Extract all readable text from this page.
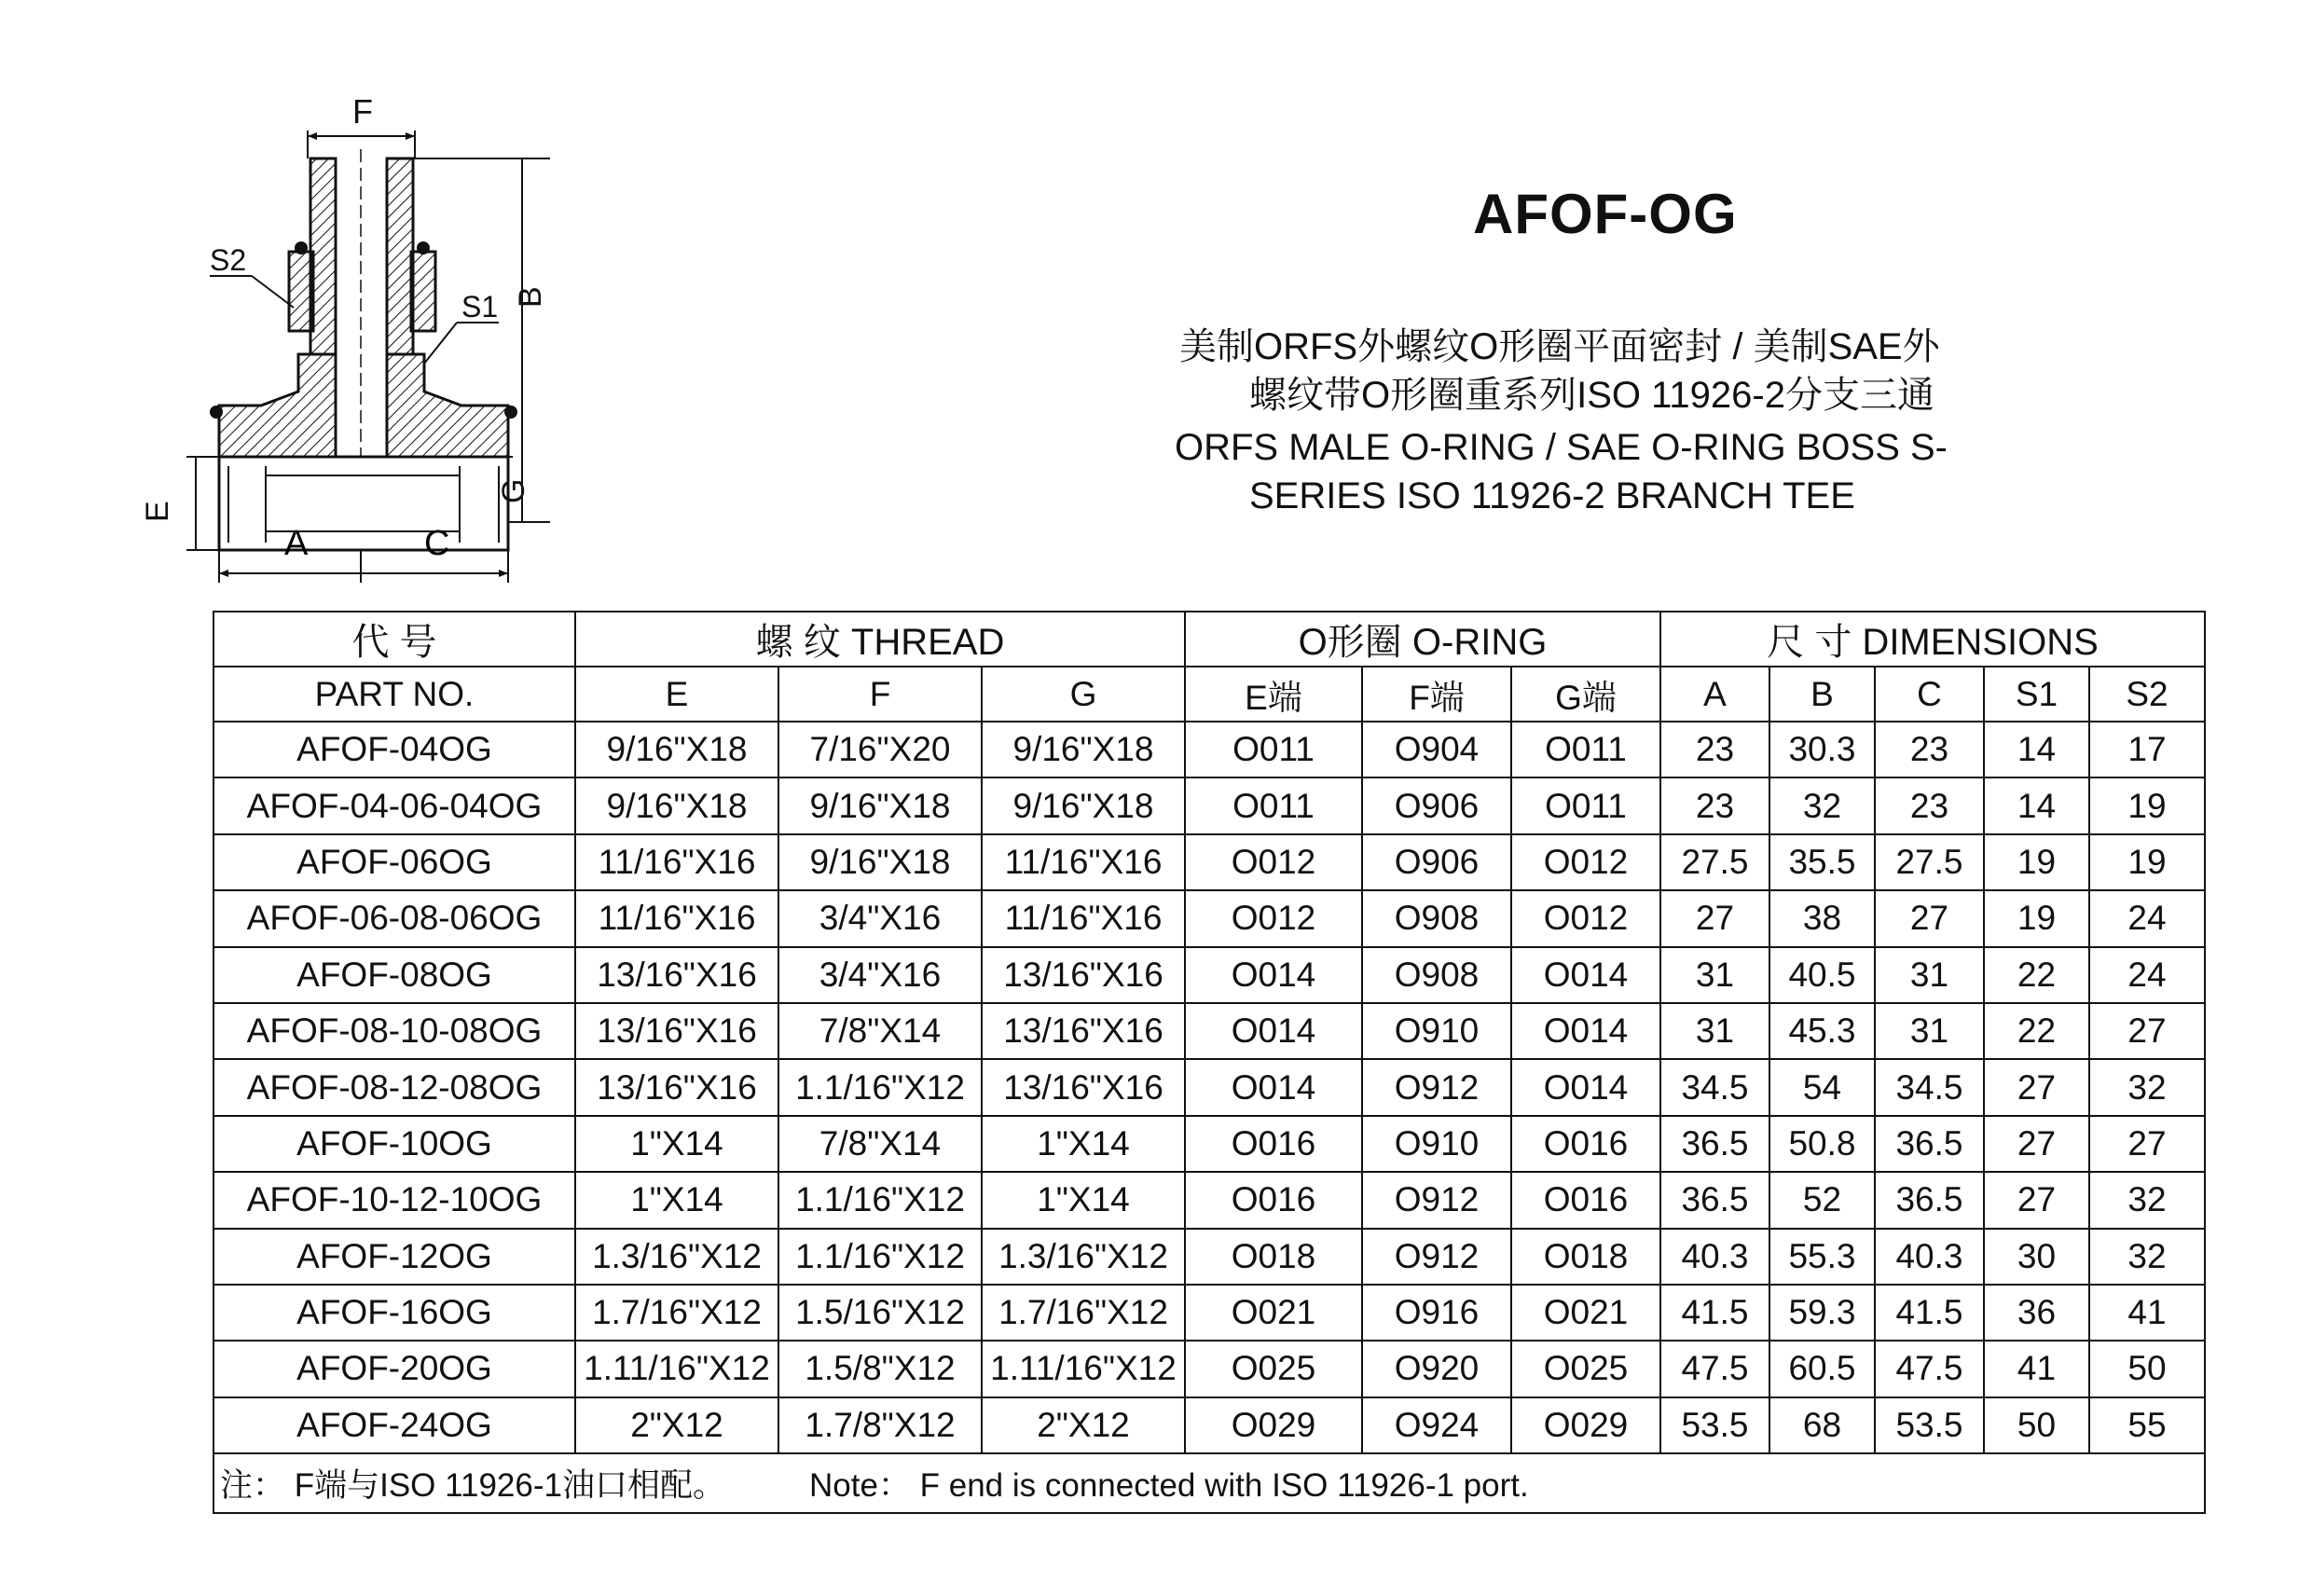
F
S2
S1 B
G
E
A	C
AFOF-OG
美制ORFS外螺纹O形圈平面密封 / 美制SAE外
螺纹带O形圈重系列ISO 11926-2分支三通
ORFS MALE O-RING / SAE O-RING BOSS S-
SERIES ISO 11926-2 BRANCH TEE
代 号	螺 纹 THREAD			O形圈 O-RING			尺 寸 DIMENSIONS				
PART NO.	E	F	G	E端	F端	G端	A	B	C	S1	S2
AFOF-04OG	9/16"X18	7/16"X20	9/16"X18	O011	O904	O011	23	30.3	23	14	17
AFOF-04-06-04OG	9/16"X18	9/16"X18	9/16"X18	O011	O906	O011	23	32	23	14	19
AFOF-06OG	11/16"X16	9/16"X18	11/16"X16	O012	O906	O012	27.5	35.5	27.5	19	19
AFOF-06-08-06OG	11/16"X16	3/4"X16	11/16"X16	O012	O908	O012	27	38	27	19	24
AFOF-08OG	13/16"X16	3/4"X16	13/16"X16	O014	O908	O014	31	40.5	31	22	24
AFOF-08-10-08OG	13/16"X16	7/8"X14	13/16"X16	O014	O910	O014	31	45.3	31	22	27
AFOF-08-12-08OG	13/16"X16	1.1/16"X12	13/16"X16	O014	O912	O014	34.5	54	34.5	27	32
AFOF-10OG	1"X14	7/8"X14	1"X14	O016	O910	O016	36.5	50.8	36.5	27	27
AFOF-10-12-10OG	1"X14	1.1/16"X12	1"X14	O016	O912	O016	36.5	52	36.5	27	32
AFOF-12OG	1.3/16"X12	1.1/16"X12	1.3/16"X12	O018	O912	O018	40.3	55.3	40.3	30	32
AFOF-16OG	1.7/16"X12	1.5/16"X12	1.7/16"X12	O021	O916	O021	41.5	59.3	41.5	36	41
AFOF-20OG	1.11/16"X12	1.5/8"X12	1.11/16"X12	O025	O920	O025	47.5	60.5	47.5	41	50
AFOF-24OG	2"X12	1.7/8"X12	2"X12	O029	O924	O029	53.5	68	53.5	50	55
注： F端与ISO 11926-1油口相配。 Note： F end is connected with ISO 11926-1 port.											
